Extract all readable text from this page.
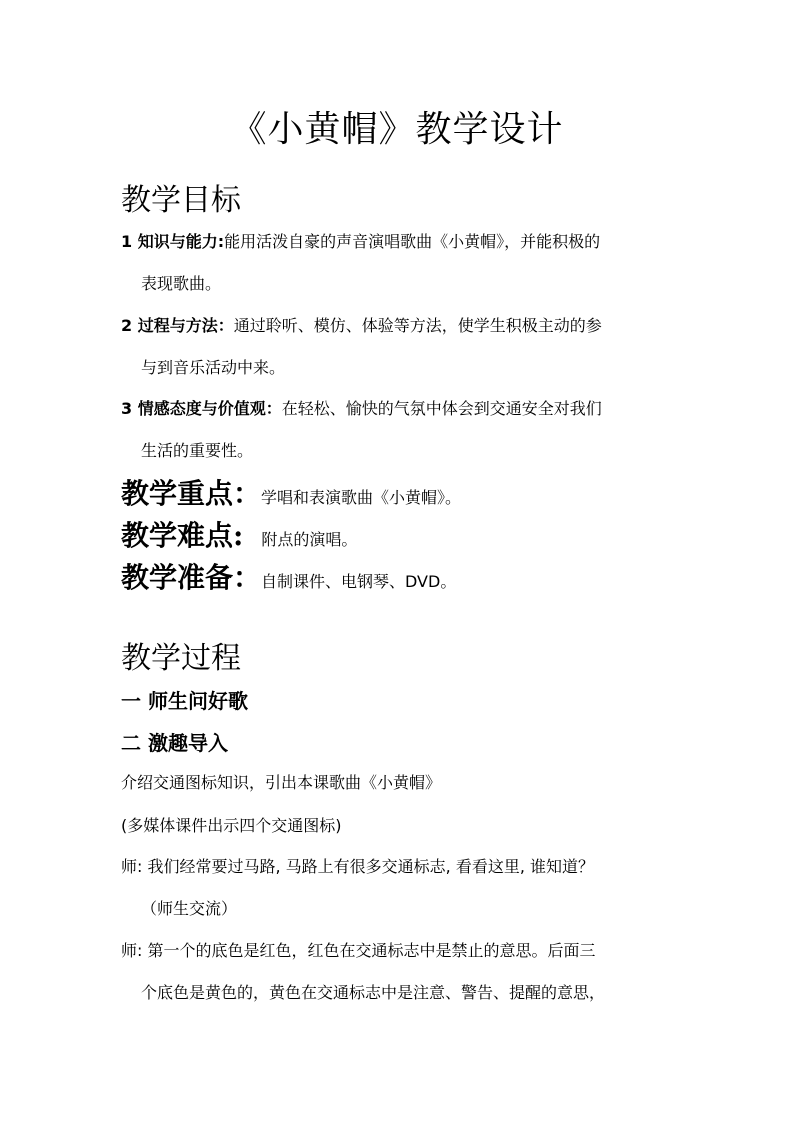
《小黄帽》教学设计
教学目标

1 知识与能力:能用活泼自豪的声音演唱歌曲《小黄帽》，并能积极的

表现歌曲。

2 过程与方法：通过聆听、模仿、体验等方法，使学生积极主动的参

与到音乐活动中来。

3 情感态度与价值观：在轻松、愉快的气氛中体会到交通安全对我们

生活的重要性。

教学重点：学唱和表演歌曲《小黄帽》。

教学难点: 附点的演唱。

教学准备：自制课件、电钢琴、DVD。

教学过程
一 师生问好歌
二 激趣导入

介绍交通图标知识，引出本课歌曲《小黄帽》

(多媒体课件出示四个交通图标)

师: 我们经常要过马路, 马路上有很多交通标志, 看看这里, 谁知道？

（师生交流）

师: 第一个的底色是红色，红色在交通标志中是禁止的意思。后面三

个底色是黄色的，黄色在交通标志中是注意、警告、提醒的意思，
